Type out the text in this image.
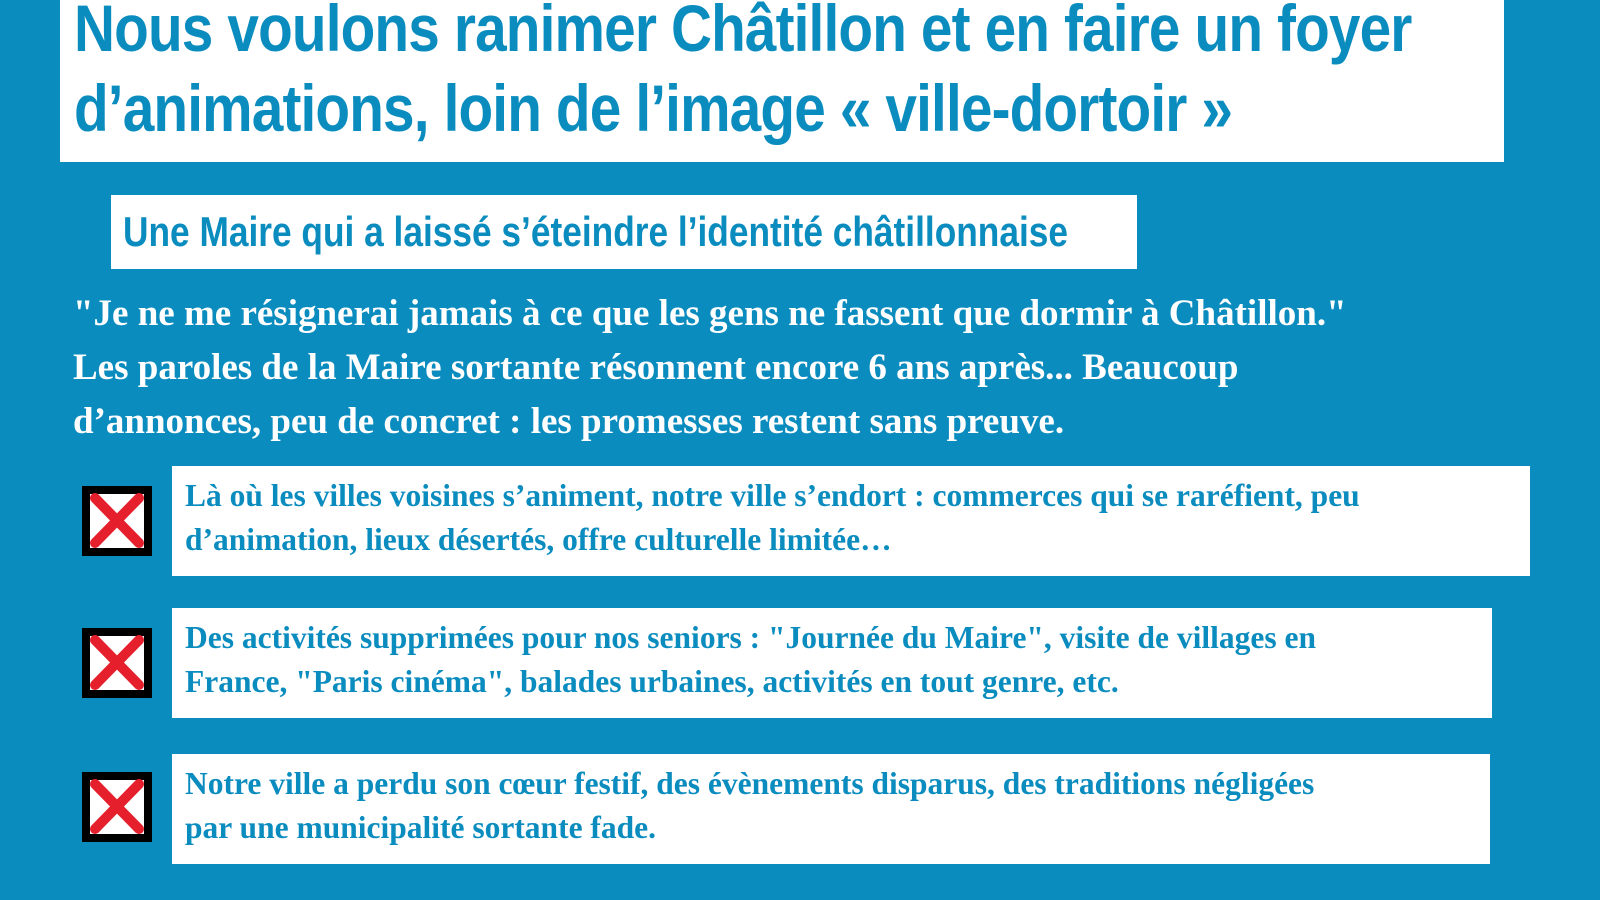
Nous voulons ranimer Châtillon et en faire un foyer
d’animations, loin de l’image « ville-dortoir »
Une Maire qui a laissé s’éteindre l’identité châtillonnaise
"Je ne me résignerai jamais à ce que les gens ne fassent que dormir à Châtillon."
Les paroles de la Maire sortante résonnent encore 6 ans après... Beaucoup
d’annonces, peu de concret : les promesses restent sans preuve.
Là où les villes voisines s’animent, notre ville s’endort : commerces qui se raréfient, peu
d’animation, lieux désertés, offre culturelle limitée…
Des activités supprimées pour nos seniors : "Journée du Maire", visite de villages en
France, "Paris cinéma", balades urbaines, activités en tout genre, etc.
Notre ville a perdu son cœur festif, des évènements disparus, des traditions négligées
par une municipalité sortante fade.
